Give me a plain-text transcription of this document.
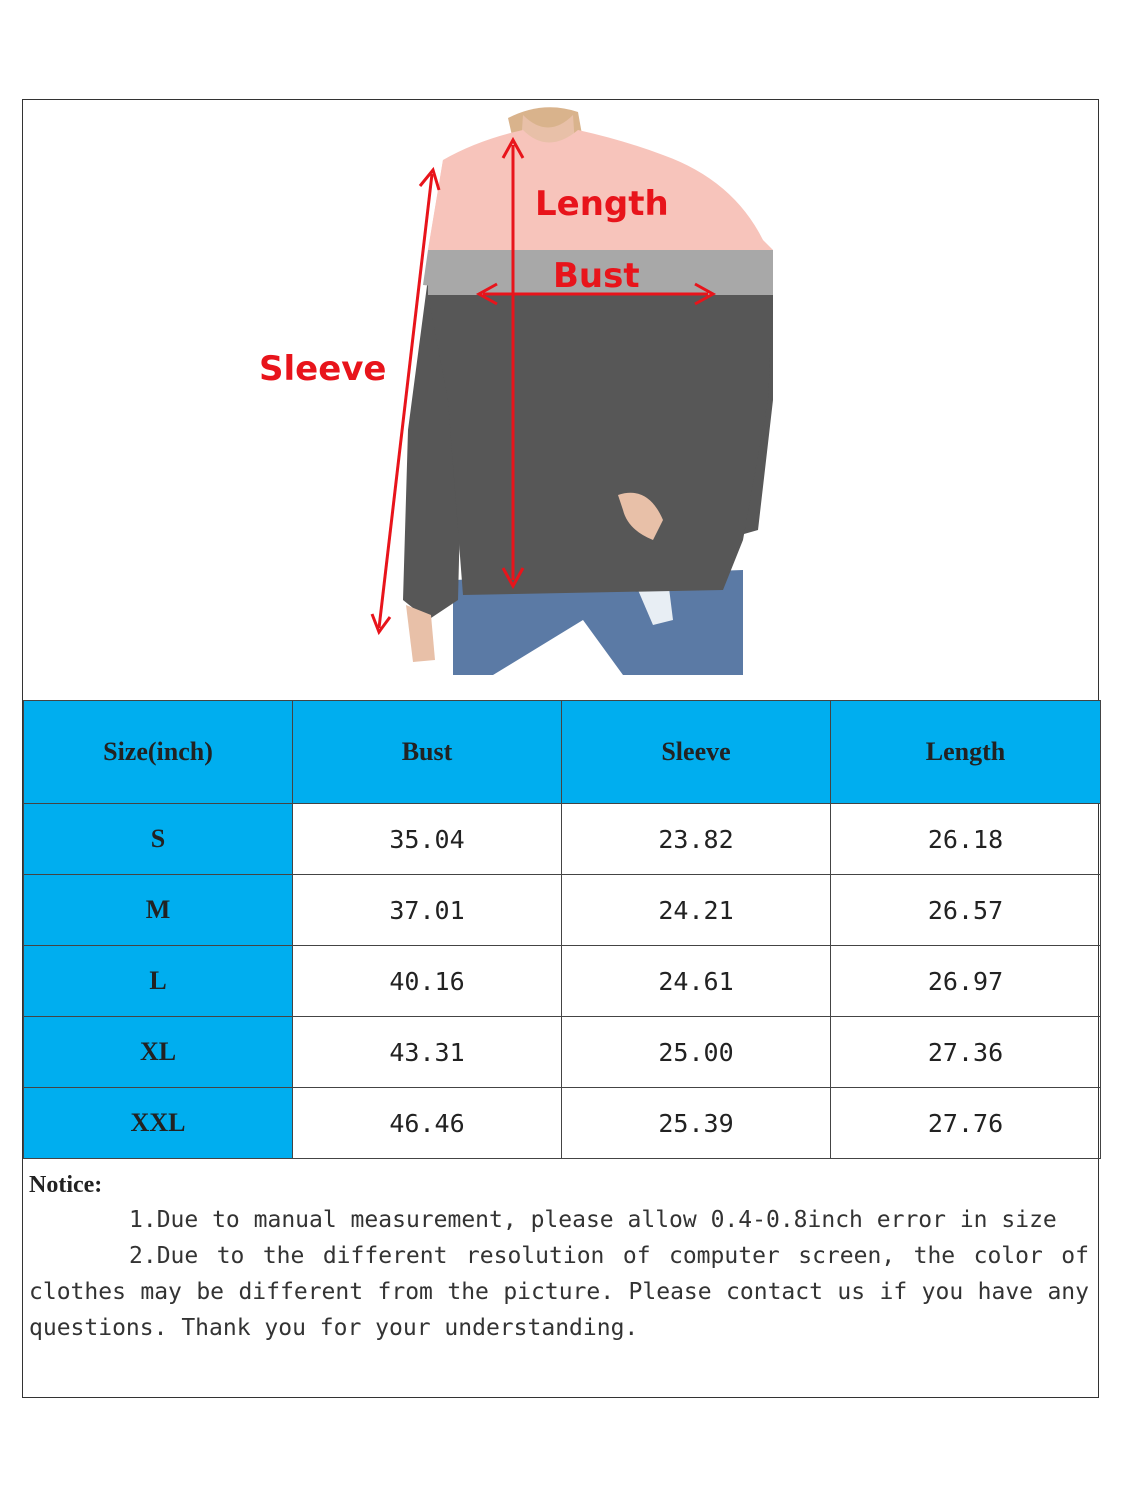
Length
Bust
Sleeve
Size(inch)	Bust	Sleeve	Length
S	35.04	23.82	26.18
M	37.01	24.21	26.57
L	40.16	24.61	26.97
XL	43.31	25.00	27.36
XXL	46.46	25.39	27.76
Notice:

1.Due to manual measurement, please allow 0.4-0.8inch error in size

2.Due to the different resolution of computer screen, the color of clothes may be different from the picture. Please contact us if you have any questions. Thank you for your understanding.
